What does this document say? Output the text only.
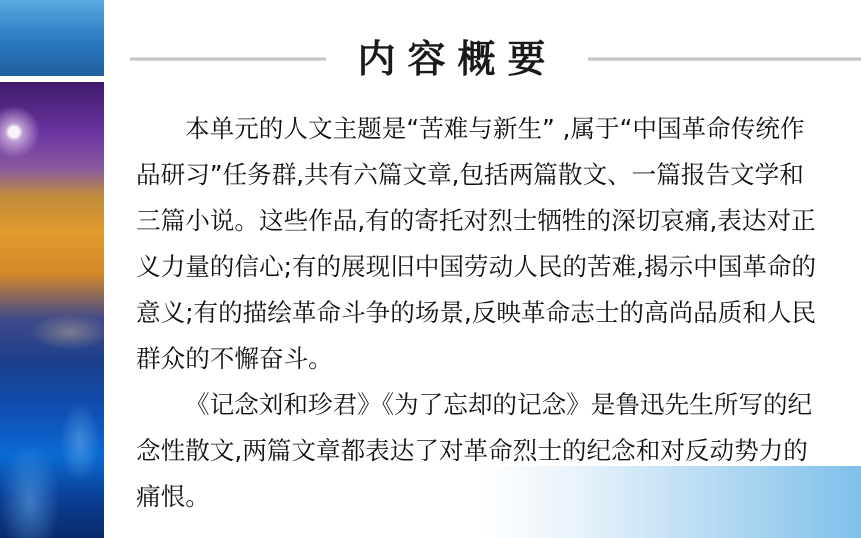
内容概要

本单元的人文主题是“苦难与新生” ,属于“中国革命传统作品研习”任务群,共有六篇文章,包括两篇散文、一篇报告文学和三篇小说。这些作品,有的寄托对烈士牺牲的深切哀痛,表达对正义力量的信心;有的展现旧中国劳动人民的苦难,揭示中国革命的意义;有的描绘革命斗争的场景,反映革命志士的高尚品质和人民群众的不懈奋斗。

《记念刘和珍君》《为了忘却的记念》是鲁迅先生所写的纪念性散文,两篇文章都表达了对革命烈士的纪念和对反动势力的痛恨。
